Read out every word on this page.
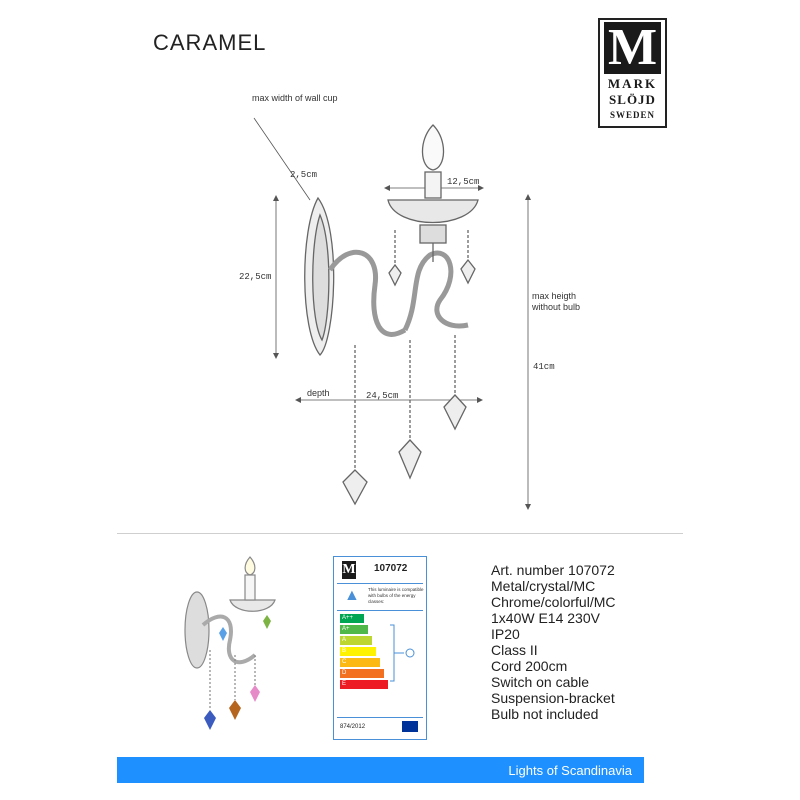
CARAMEL	M
MARK
SLÖJD
SWEDEN
max width of wall cup
2,5cm
12,5cm
22,5cm
max heigth without bulb
41cm
depth	24,5cm
M 107072
▲ This luminaire is compatible with bulbs of the energy classes:
A++
A+
A
B
C
D
E
874/2012
Art. number 107072
Metal/crystal/MC
Chrome/colorful/MC
1x40W E14 230V
IP20
Class II
Cord 200cm
Switch on cable
Suspension-bracket
Bulb not included
Lights of Scandinavia
